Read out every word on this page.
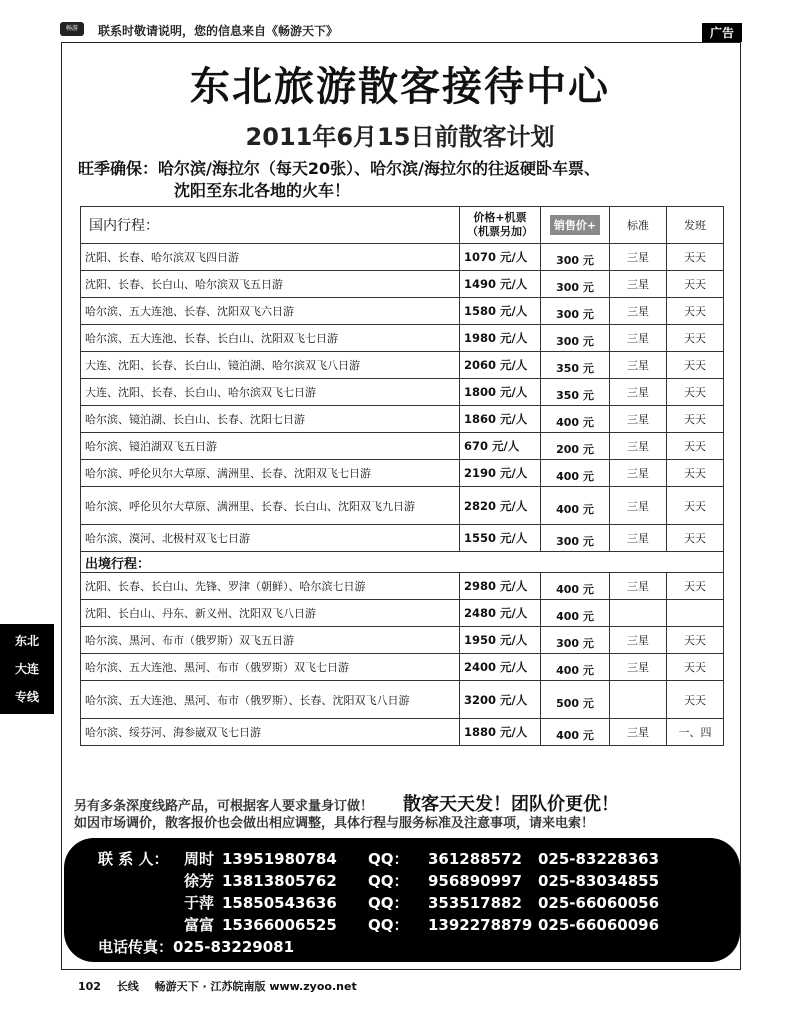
畅游	联系时敬请说明，您的信息来自《畅游天下》	广告
东北旅游散客接待中心
2011年6月15日前散客计划
旺季确保：哈尔滨/海拉尔（每天20张）、哈尔滨/海拉尔的往返硬卧车票、
沈阳至东北各地的火车！
国内行程：	价格+机票
（机票另加）	销售价+	标准	发班
沈阳、长春、哈尔滨双飞四日游	1070 元/人	300 元	三星	天天
沈阳、长春、长白山、哈尔滨双飞五日游	1490 元/人	300 元	三星	天天
哈尔滨、五大连池、长春、沈阳双飞六日游	1580 元/人	300 元	三星	天天
哈尔滨、五大连池、长春、长白山、沈阳双飞七日游	1980 元/人	300 元	三星	天天
大连、沈阳、长春、长白山、镜泊湖、哈尔滨双飞八日游	2060 元/人	350 元	三星	天天
大连、沈阳、长春、长白山、哈尔滨双飞七日游	1800 元/人	350 元	三星	天天
哈尔滨、镜泊湖、长白山、长春、沈阳七日游	1860 元/人	400 元	三星	天天
哈尔滨、镜泊湖双飞五日游	670 元/人	200 元	三星	天天
哈尔滨、呼伦贝尔大草原、满洲里、长春、沈阳双飞七日游	2190 元/人	400 元	三星	天天
哈尔滨、呼伦贝尔大草原、满洲里、长春、长白山、沈阳双飞九日游	2820 元/人	400 元	三星	天天
哈尔滨、漠河、北极村双飞七日游	1550 元/人	300 元	三星	天天
出境行程：				
沈阳、长春、长白山、先锋、罗津（朝鲜）、哈尔滨七日游	2980 元/人	400 元	三星	天天
沈阳、长白山、丹东、新义州、沈阳双飞八日游	2480 元/人	400 元		
哈尔滨、黑河、布市（俄罗斯）双飞五日游	1950 元/人	300 元	三星	天天
哈尔滨、五大连池、黑河、布市（俄罗斯）双飞七日游	2400 元/人	400 元	三星	天天
哈尔滨、五大连池、黑河、布市（俄罗斯）、长春、沈阳双飞八日游	3200 元/人	500 元		天天
哈尔滨、绥芬河、海参崴双飞七日游	1880 元/人	400 元	三星	一、四
另有多条深度线路产品，可根据客人要求量身订做！ 散客天天发！团队价更优！
如因市场调价，散客报价也会做出相应调整，具体行程与服务标准及注意事项，请来电索！
联 系 人： 周时 13951980784 QQ： 361288572 025-83228363
徐芳 13813805762 QQ： 956890997 025-83034855
于萍 15850543636 QQ： 353517882 025-66060056
富富 15366006525 QQ： 1392278879 025-66060096
电话传真：025-83229081
东北
大连
专线
102 长线 畅游天下 · 江苏皖南版 www.zyoo.net
